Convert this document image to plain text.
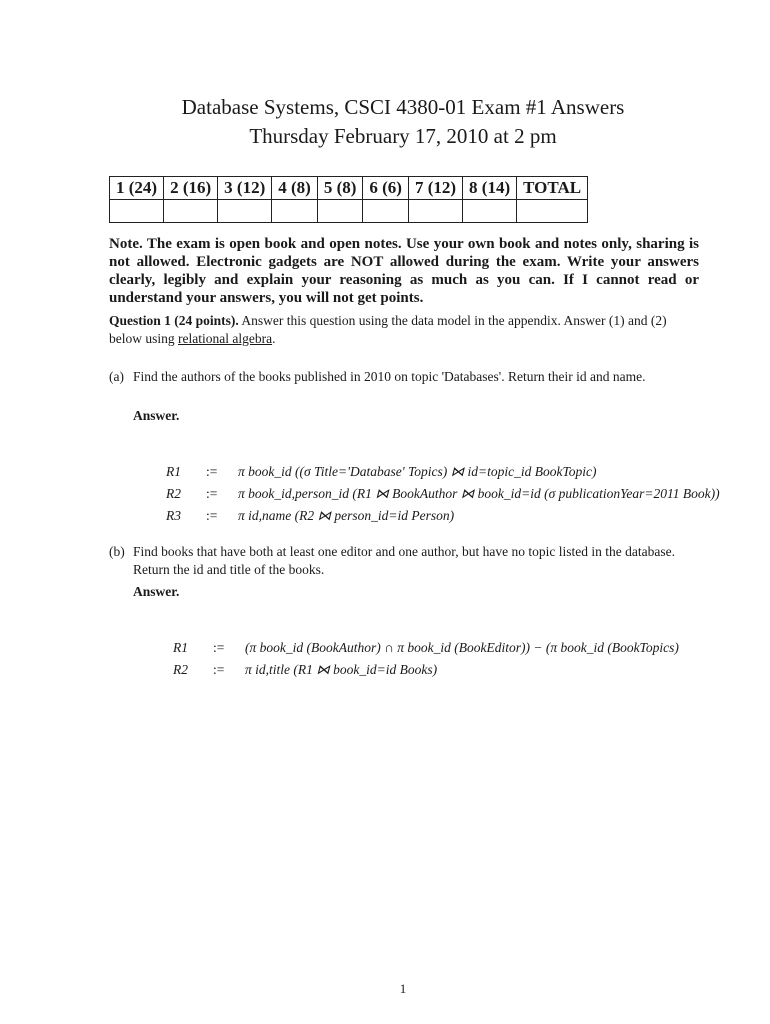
Database Systems, CSCI 4380-01 Exam #1 Answers
Thursday February 17, 2010 at 2 pm
1 (24)	2 (16)	3 (12)	4 (8)	5 (8)	6 (6)	7 (12)	8 (14)	TOTAL

Note. The exam is open book and open notes. Use your own book and notes only, sharing is not allowed. Electronic gadgets are NOT allowed during the exam. Write your answers clearly, legibly and explain your reasoning as much as you can. If I cannot read or understand your answers, you will not get points.
Question 1 (24 points). Answer this question using the data model in the appendix. Answer (1) and (2) below using relational algebra.
(a) Find the authors of the books published in 2010 on topic 'Databases'. Return their id and name.
Answer.
R1 := π book_id ((σ Title='Database' Topics) ⋈ id=topic_id BookTopic)
R2 := π book_id,person_id (R1 ⋈ BookAuthor ⋈ book_id=id (σ publicationYear=2011 Book))
R3 := π id,name (R2 ⋈ person_id=id Person)
(b) Find books that have both at least one editor and one author, but have no topic listed in the database. Return the id and title of the books.
Answer.
R1 := (π book_id (BookAuthor) ∩ π book_id (BookEditor)) − (π book_id (BookTopics)
R2 := π id,title (R1 ⋈ book_id=id Books)
1
